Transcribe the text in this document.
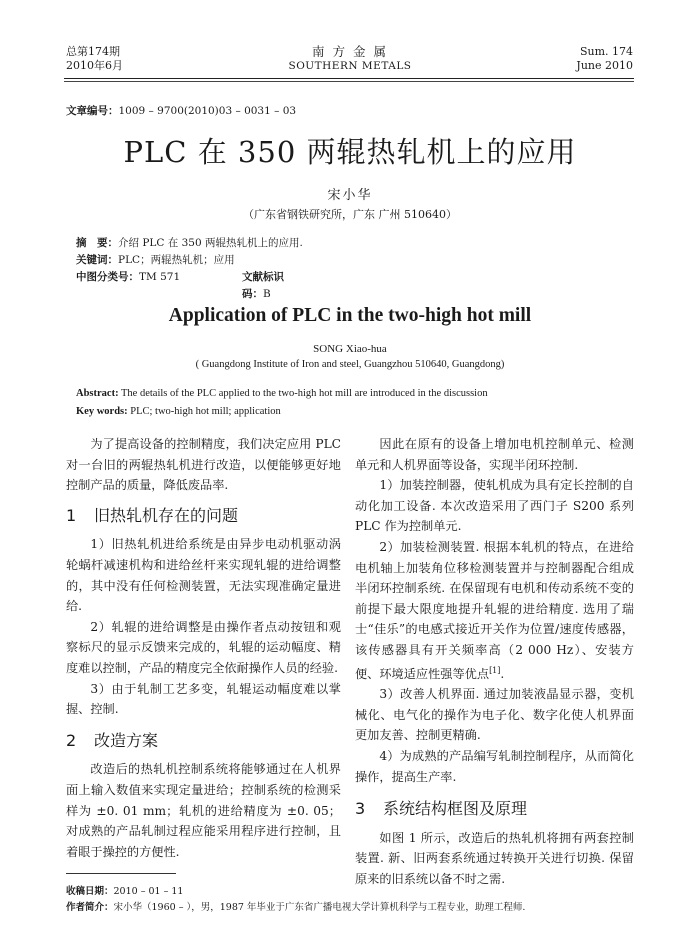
总第174期
2010年6月
南 方 金 属
SOUTHERN METALS
Sum. 174
June 2010
文章编号：1009 – 9700(2010)03 – 0031 – 03
PLC 在 350 两辊热轧机上的应用
宋小华
（广东省钢铁研究所，广东 广州 510640）
摘　要：介绍 PLC 在 350 两辊热轧机上的应用.
关键词：PLC；两辊热轧机；应用
中图分类号：TM 571	文献标识码：B
Application of PLC in the two-high hot mill
SONG Xiao-hua
( Guangdong Institute of Iron and steel, Guangzhou 510640, Guangdong)
Abstract: The details of the PLC applied to the two-high hot mill are introduced in the discussion
Key words: PLC; two-high hot mill; application

为了提高设备的控制精度，我们决定应用 PLC 对一台旧的两辊热轧机进行改造，以便能够更好地控制产品的质量，降低废品率.

1 旧热轧机存在的问题

1）旧热轧机进给系统是由异步电动机驱动涡轮蜗杆减速机构和进给丝杆来实现轧辊的进给调整的，其中没有任何检测装置，无法实现准确定量进给.

2）轧辊的进给调整是由操作者点动按钮和观察标尺的显示反馈来完成的，轧辊的运动幅度、精度难以控制，产品的精度完全依耐操作人员的经验.

3）由于轧制工艺多变，轧辊运动幅度难以掌握、控制.

2 改造方案

改造后的热轧机控制系统将能够通过在人机界面上输入数值来实现定量进给；控制系统的检测采样为 ±0. 01 mm；轧机的进给精度为 ±0. 05；对成熟的产品轧制过程应能采用程序进行控制，且着眼于操控的方便性.

因此在原有的设备上增加电机控制单元、检测单元和人机界面等设备，实现半闭环控制.

1）加装控制器，使轧机成为具有定长控制的自动化加工设备. 本次改造采用了西门子 S200 系列 PLC 作为控制单元.

2）加装检测装置. 根据本轧机的特点，在进给电机轴上加装角位移检测装置并与控制器配合组成半闭环控制系统. 在保留现有电机和传动系统不变的前提下最大限度地提升轧辊的进给精度. 选用了瑞士“佳乐”的电感式接近开关作为位置/速度传感器，该传感器具有开关频率高（2 000 Hz）、安装方便、环境适应性强等优点[1].

3）改善人机界面. 通过加装液晶显示器，变机械化、电气化的操作为电子化、数字化使人机界面更加友善、控制更精确.

4）为成熟的产品编写轧制控制程序，从而简化操作，提高生产率.

3 系统结构框图及原理

如图 1 所示，改造后的热轧机将拥有两套控制装置. 新、旧两套系统通过转换开关进行切换. 保留原来的旧系统以备不时之需.

收稿日期：2010 – 01 – 11
作者简介：宋小华（1960 – ），男，1987 年毕业于广东省广播电视大学计算机科学与工程专业，助理工程师.
